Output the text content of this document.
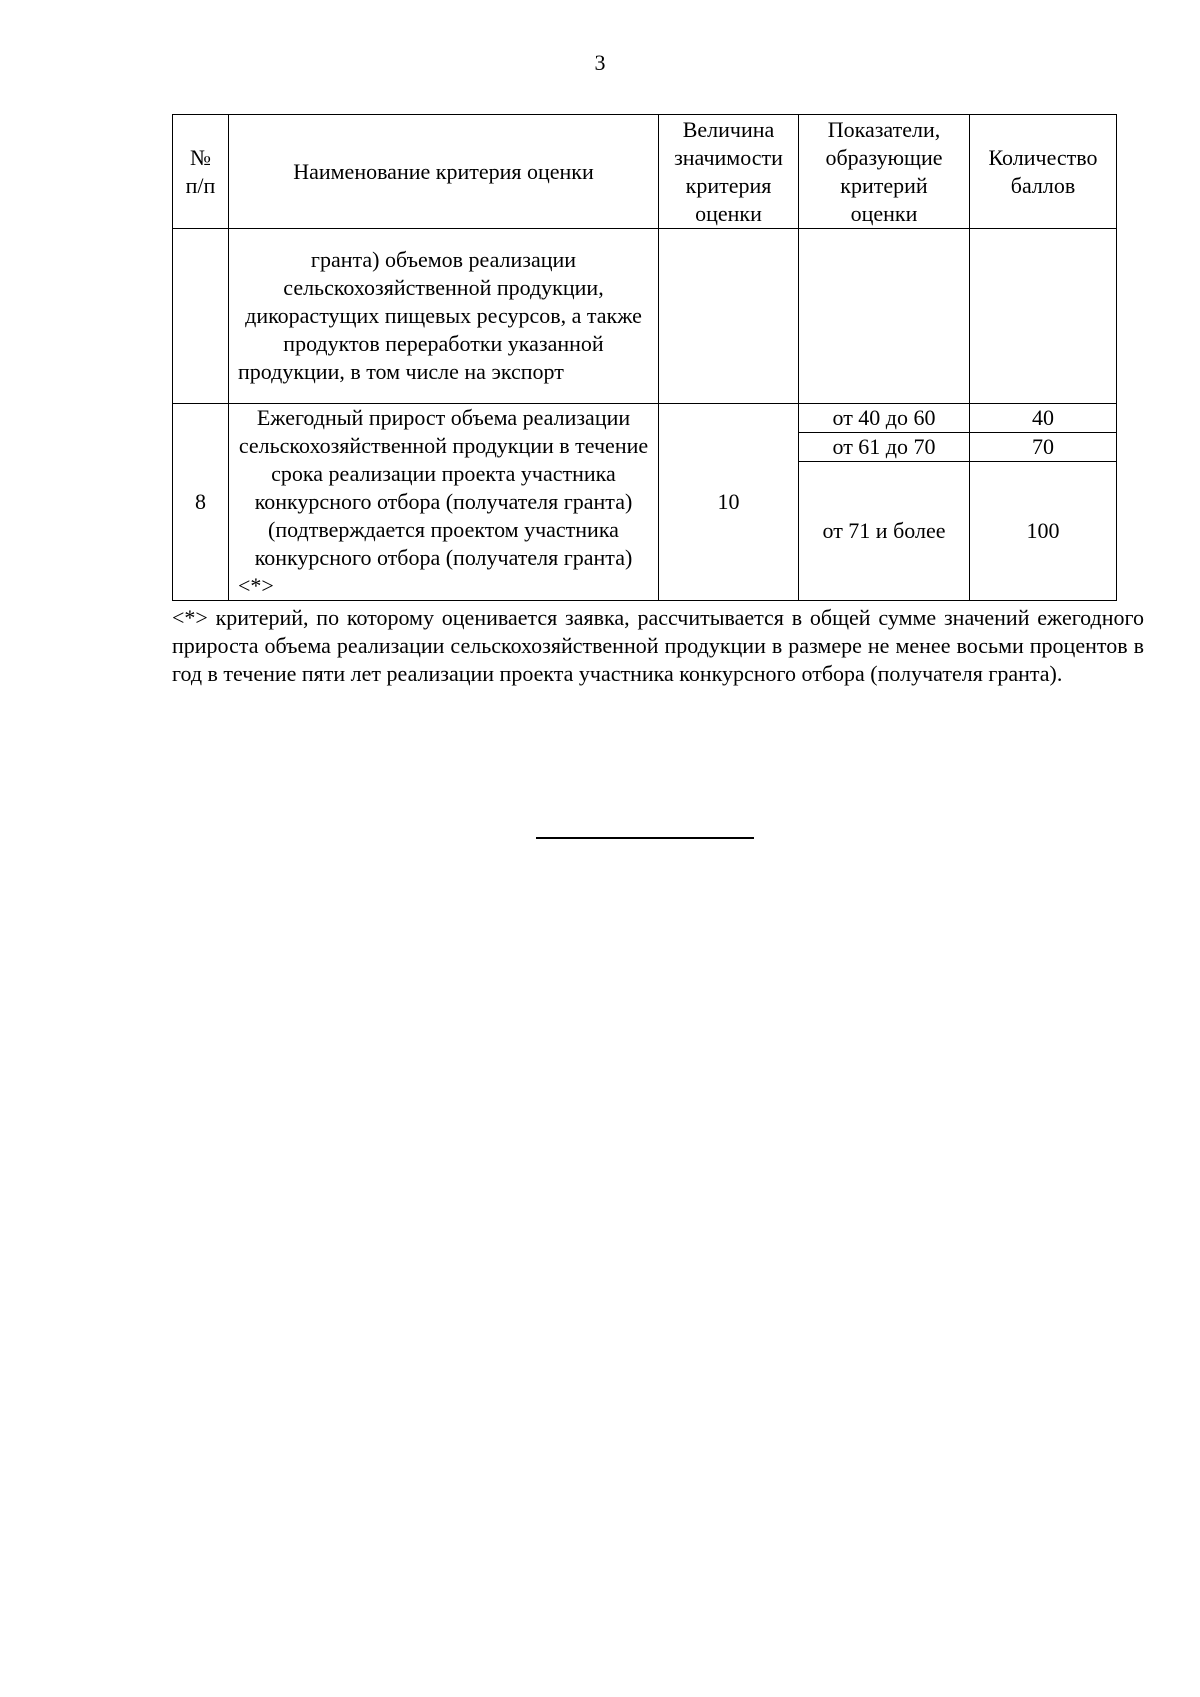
3
№ п/п	Наименование критерия оценки	Величина значимости критерия оценки	Показатели, образующие критерий оценки	Количество баллов
	гранта) объемов реализации сельскохозяйственной продукции, дикорастущих пищевых ресурсов, а также продуктов переработки указанной продукции, в том числе на экспорт			
8	Ежегодный прирост объема реализации сельскохозяйственной продукции в течение срока реализации проекта участника конкурсного отбора (получателя гранта) (подтверждается проектом участника конкурсного отбора (получателя гранта) <*>	10	от 40 до 60	40
			от 61 до 70	70
			от 71 и более	100

<*> критерий, по которому оценивается заявка, рассчитывается в общей сумме значений ежегодного прироста объема реализации сельскохозяйственной продукции в размере не менее восьми процентов в год в течение пяти лет реализации проекта участника конкурсного отбора (получателя гранта).
